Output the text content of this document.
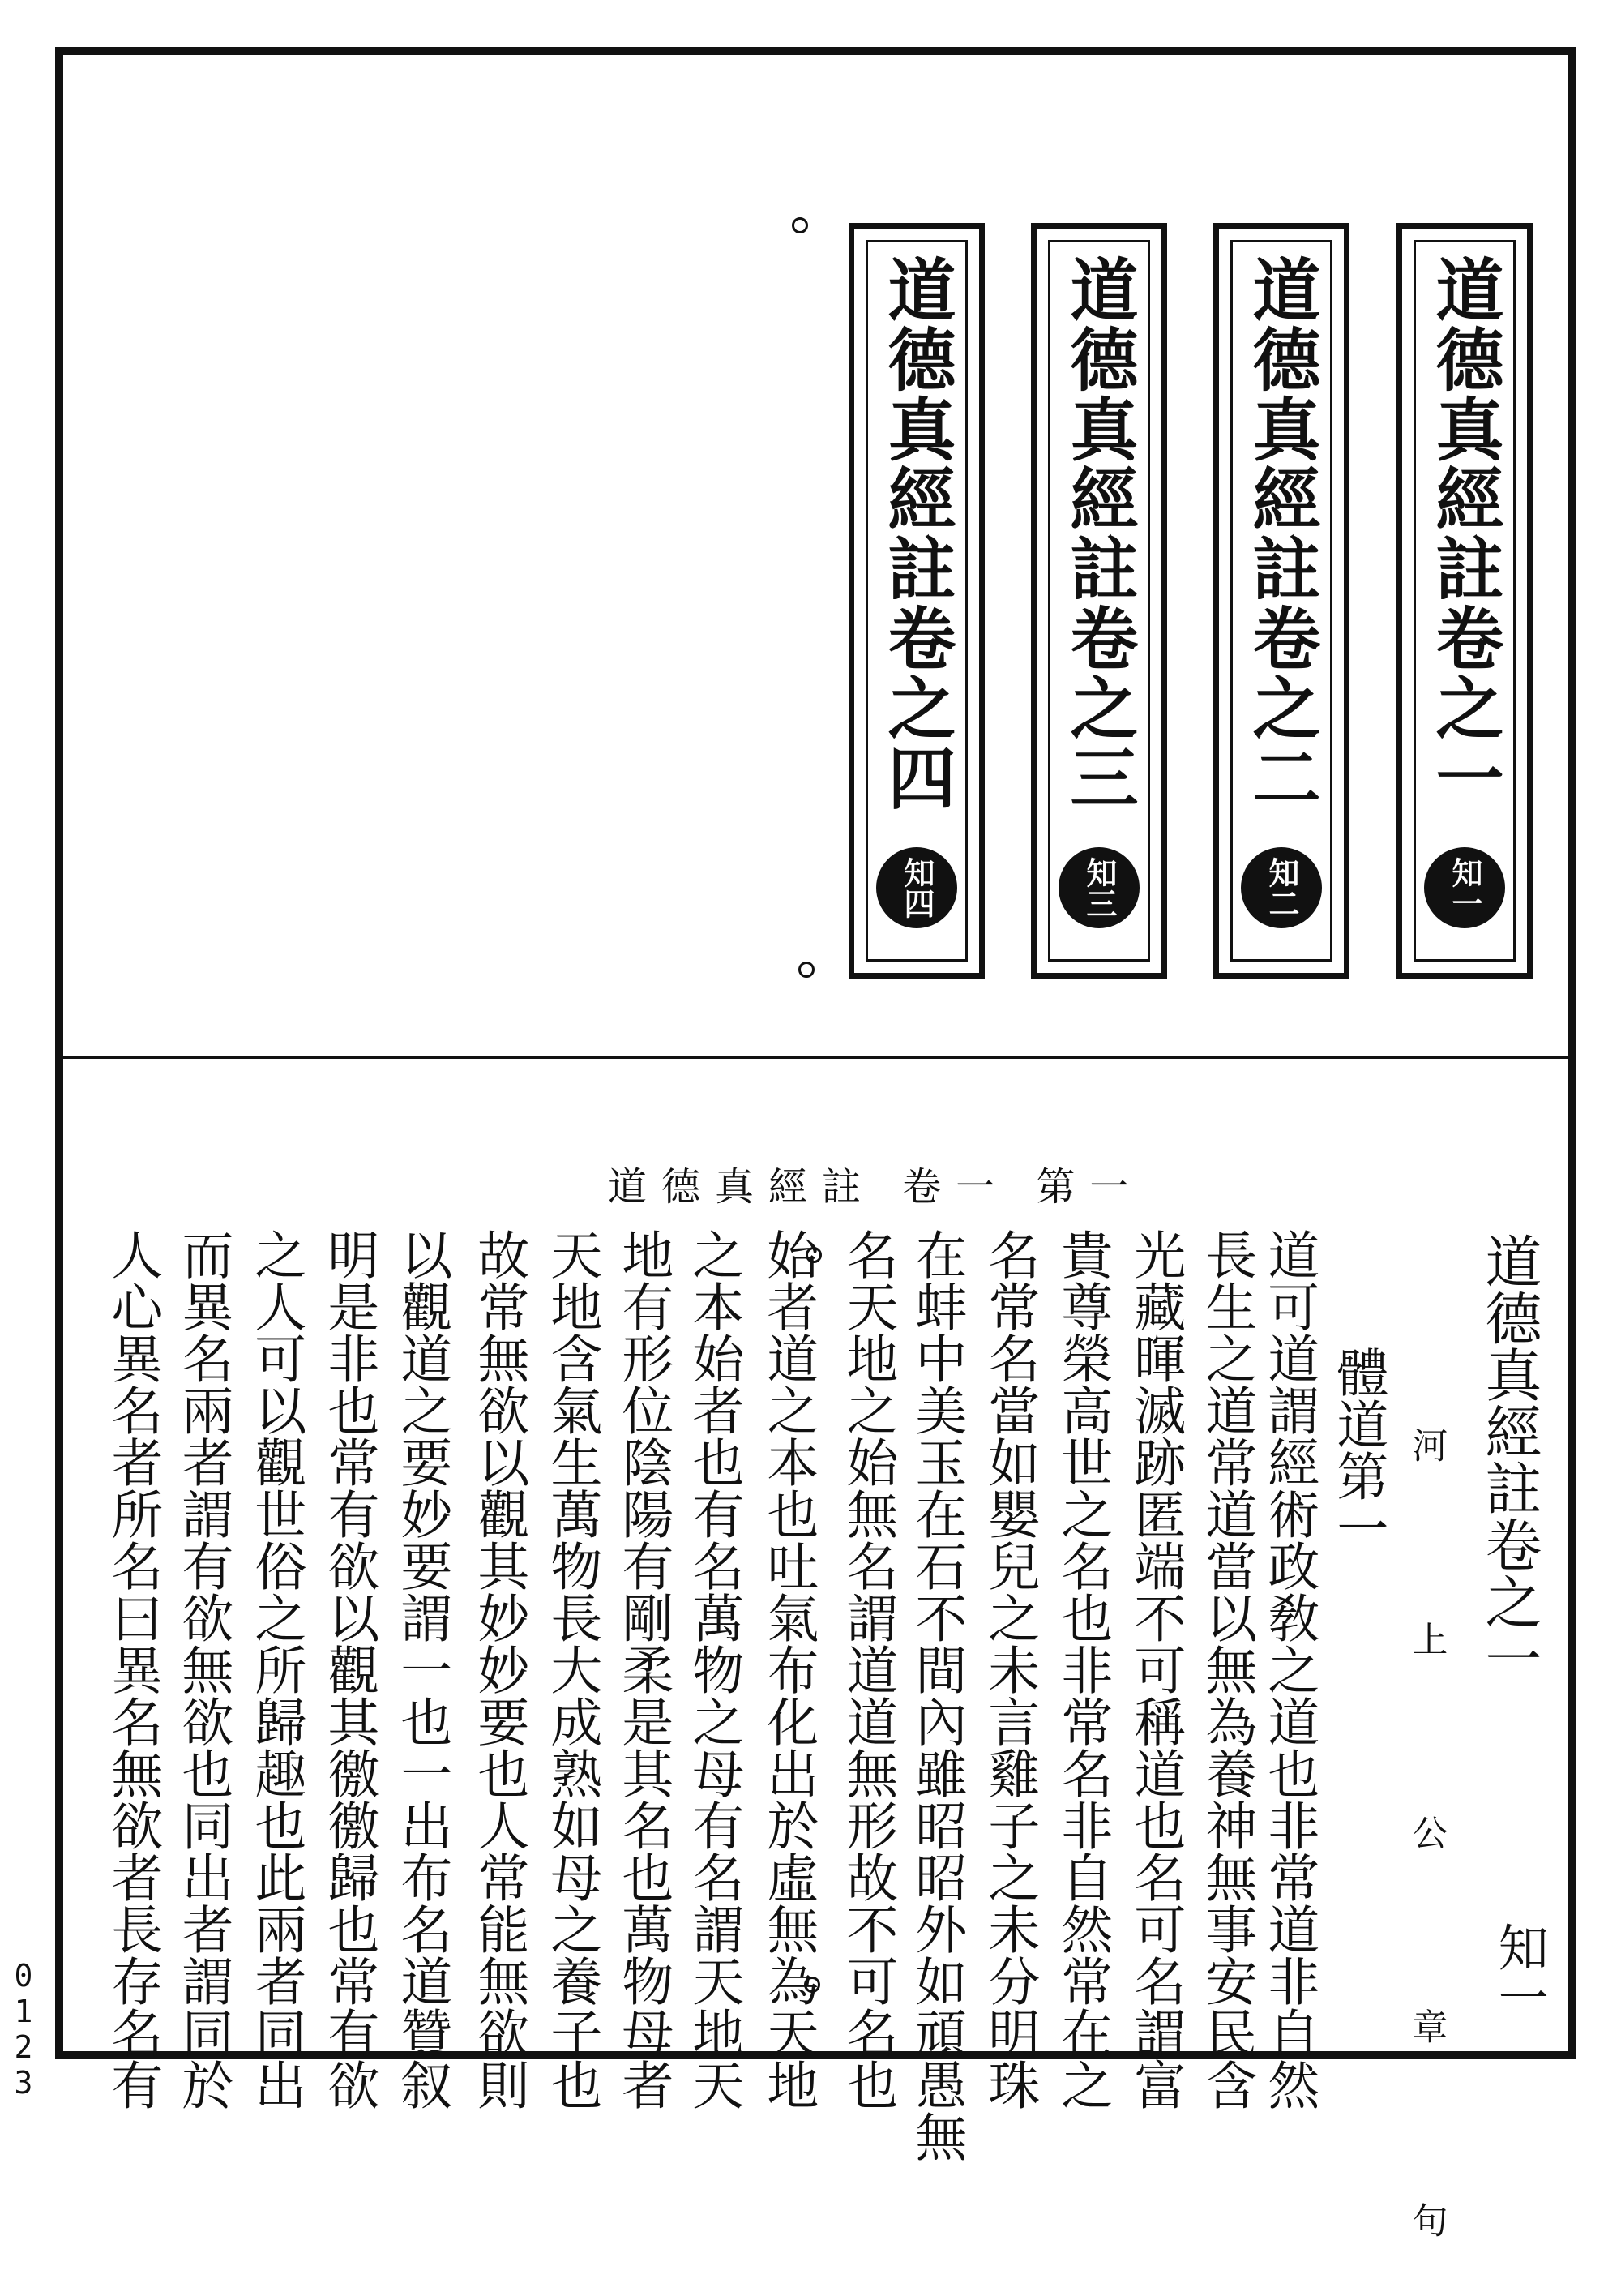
道德真經註卷之一
知一
道德真經註卷之二
知二
道德真經註卷之三
知三
道德真經註卷之四
知四
道德真經註 卷一 第一
道德真經註卷之一
知一
河 上 公 章 句
體道第一
道可道謂經術政敎之道也非常道非自然
長生之道常道當以無為養神無事安民含
光藏暉滅跡匿端不可稱道也名可名謂富
貴尊榮高世之名也非常名非自然常在之
名常名當如嬰兒之未言雞子之未分明珠
在蚌中美玉在石不間內雖昭昭外如頑愚無
名天地之始無名謂道道無形故不可名也
始者道之本也吐氣布化出於虛無為天地
之本始者也有名萬物之母有名謂天地天
地有形位陰陽有剛柔是其名也萬物母者
天地含氣生萬物長大成熟如母之養子也
故常無欲以觀其妙妙要也人常能無欲則
以觀道之要妙要謂一也一出布名道贊叙
明是非也常有欲以觀其徼徼歸也常有欲
之人可以觀世俗之所歸趣也此兩者同出
而異名兩者謂有欲無欲也同出者謂同於
人心異名者所名曰異名無欲者長存名有
0123
